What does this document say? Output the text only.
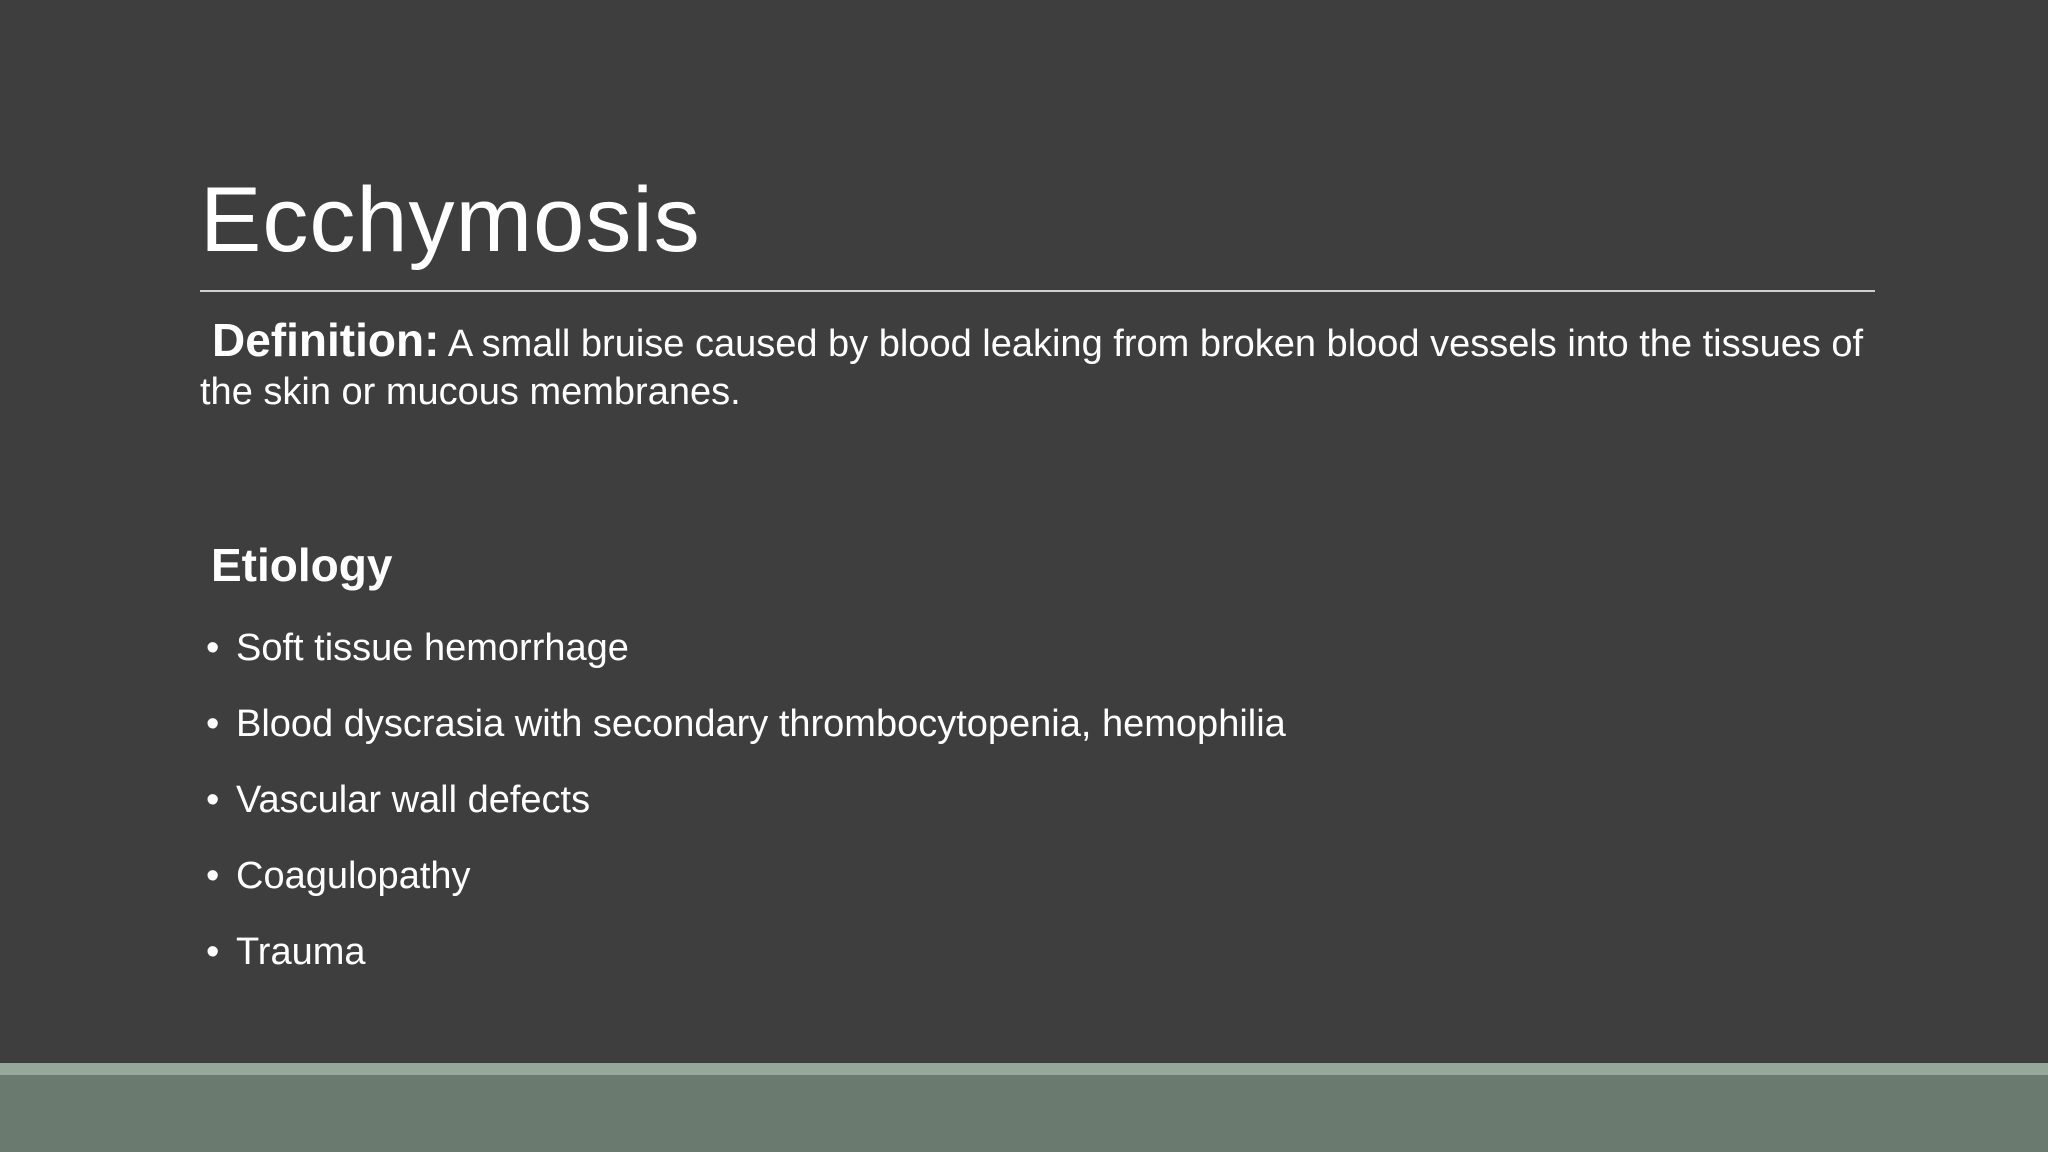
Ecchymosis
Definition: A small bruise caused by blood leaking from broken blood vessels into the tissues of the skin or mucous membranes.
Etiology
• Soft tissue hemorrhage
• Blood dyscrasia with secondary thrombocytopenia, hemophilia
• Vascular wall defects
• Coagulopathy
• Trauma
